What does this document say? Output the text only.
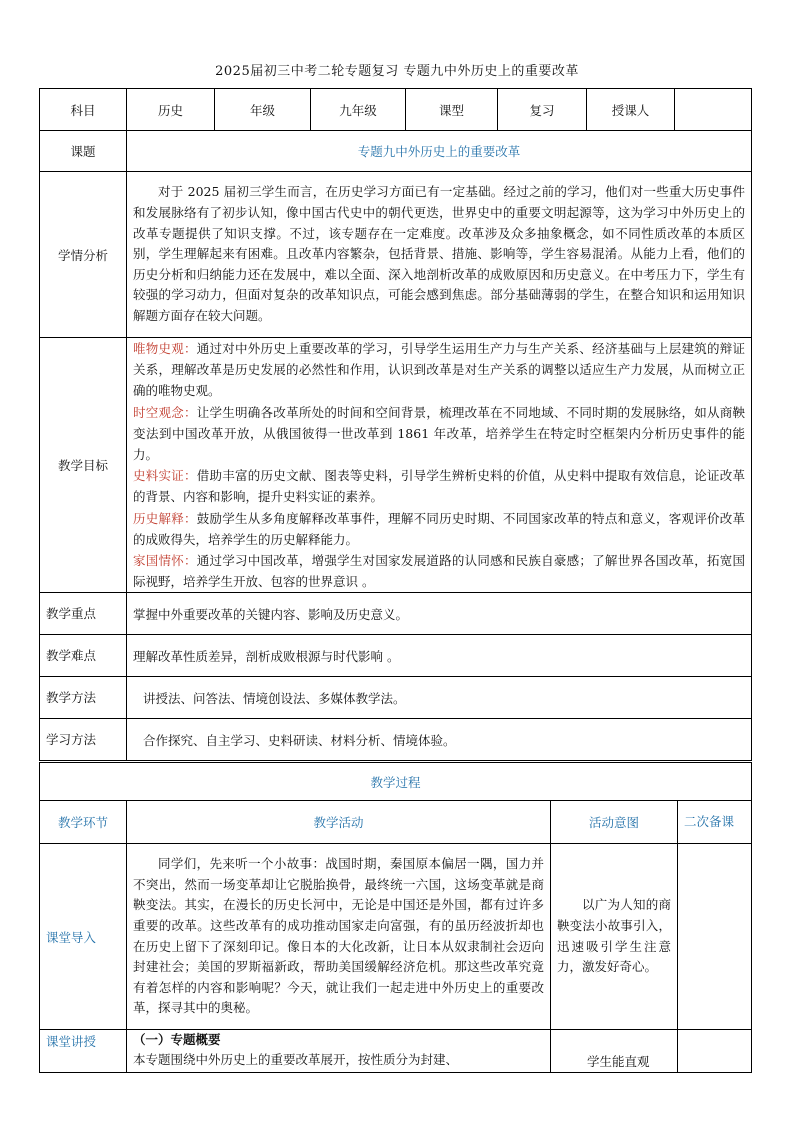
2025届初三中考二轮专题复习 专题九中外历史上的重要改革
科目	历史	年级	九年级	课型	复习	授课人	
课题	专题九中外历史上的重要改革						
学情分析	对于 2025 届初三学生而言，在历史学习方面已有一定基础。经过之前的学习，他们对一些重大历史事件和发展脉络有了初步认知，像中国古代史中的朝代更迭，世界史中的重要文明起源等，这为学习中外历史上的改革专题提供了知识支撑。不过，该专题存在一定难度。改革涉及众多抽象概念，如不同性质改革的本质区别，学生理解起来有困难。且改革内容繁杂，包括背景、措施、影响等，学生容易混淆。从能力上看，他们的历史分析和归纳能力还在发展中，难以全面、深入地剖析改革的成败原因和历史意义。在中考压力下，学生有较强的学习动力，但面对复杂的改革知识点，可能会感到焦虑。部分基础薄弱的学生，在整合知识和运用知识解题方面存在较大问题。						

教学目标	唯物史观：通过对中外历史上重要改革的学习，引导学生运用生产力与生产关系、经济基础与上层建筑的辩证关系，理解改革是历史发展的必然性和作用，认识到改革是对生产关系的调整以适应生产力发展，从而树立正确的唯物史观。

时空观念：让学生明确各改革所处的时间和空间背景，梳理改革在不同地域、不同时期的发展脉络，如从商鞅变法到中国改革开放，从俄国彼得一世改革到 1861 年改革，培养学生在特定时空框架内分析历史事件的能力。

史料实证：借助丰富的历史文献、图表等史料，引导学生辨析史料的价值，从史料中提取有效信息，论证改革的背景、内容和影响，提升史料实证的素养。

历史解释：鼓励学生从多角度解释改革事件，理解不同历史时期、不同国家改革的特点和意义，客观评价改革的成败得失，培养学生的历史解释能力。

家国情怀：通过学习中国改革，增强学生对国家发展道路的认同感和民族自豪感；了解世界各国改革，拓宽国际视野，培养学生开放、包容的世界意识 。						

教学重点	掌握中外重要改革的关键内容、影响及历史意义。						
教学难点	理解改革性质差异，剖析成败根源与时代影响 。						
教学方法	讲授法、问答法、情境创设法、多媒体教学法。						
学习方法	合作探究、自主学习、史料研读、材料分析、情境体验。						
教学过程			
教学环节	教学活动	活动意图	二次备课
课堂导入	同学们，先来听一个小故事：战国时期，秦国原本偏居一隅，国力并不突出，然而一场变革却让它脱胎换骨，最终统一六国，这场变革就是商鞅变法。其实，在漫长的历史长河中，无论是中国还是外国，都有过许多重要的改革。这些改革有的成功推动国家走向富强，有的虽历经波折却也在历史上留下了深刻印记。像日本的大化改新，让日本从奴隶制社会迈向封建社会；美国的罗斯福新政，帮助美国缓解经济危机。那这些改革究竟有着怎样的内容和影响呢？今天，就让我们一起走进中外历史上的重要改革，探寻其中的奥秘。	以广为人知的商鞅变法小故事引入，迅速吸引学生注意力，激发好奇心。	

课堂讲授	（一）专题概要
本专题围绕中外历史上的重要改革展开，按性质分为封建、	学生能直观	
